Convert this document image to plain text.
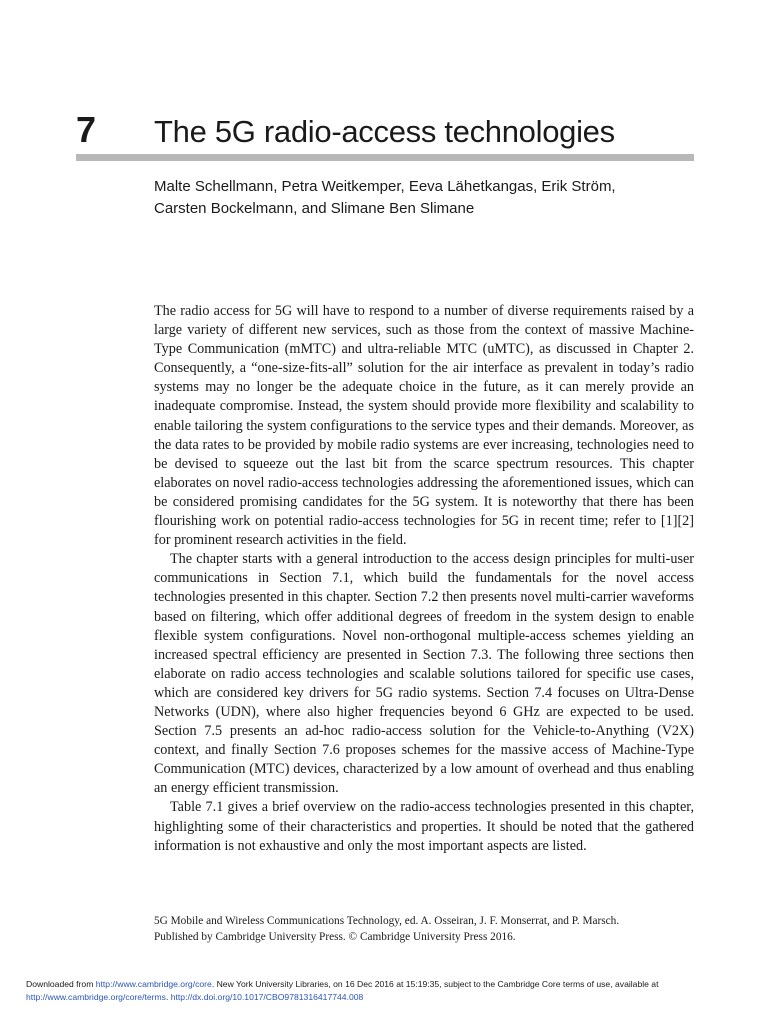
7 The 5G radio-access technologies
Malte Schellmann, Petra Weitkemper, Eeva Lähetkangas, Erik Ström,
Carsten Bockelmann, and Slimane Ben Slimane

The radio access for 5G will have to respond to a number of diverse requirements raised by a large variety of different new services, such as those from the context of massive Machine-Type Communication (mMTC) and ultra-reliable MTC (uMTC), as discussed in Chapter 2. Consequently, a “one-size-fits-all” solution for the air interface as prevalent in today’s radio systems may no longer be the adequate choice in the future, as it can merely provide an inadequate compromise. Instead, the system should provide more flexibility and scalability to enable tailoring the system configurations to the service types and their demands. Moreover, as the data rates to be provided by mobile radio systems are ever increasing, technologies need to be devised to squeeze out the last bit from the scarce spectrum resources. This chapter elaborates on novel radio-access technologies addressing the aforementioned issues, which can be considered promising candidates for the 5G system. It is noteworthy that there has been flourishing work on potential radio-access technologies for 5G in recent time; refer to [1][2] for prominent research activities in the field.

The chapter starts with a general introduction to the access design principles for multi-user communications in Section 7.1, which build the fundamentals for the novel access technologies presented in this chapter. Section 7.2 then presents novel multi-carrier waveforms based on filtering, which offer additional degrees of freedom in the system design to enable flexible system configurations. Novel non-orthogonal multiple-access schemes yielding an increased spectral efficiency are presented in Section 7.3. The following three sections then elaborate on radio access technologies and scalable solutions tailored for specific use cases, which are considered key drivers for 5G radio systems. Section 7.4 focuses on Ultra-Dense Networks (UDN), where also higher frequencies beyond 6 GHz are expected to be used. Section 7.5 presents an ad-hoc radio-access solution for the Vehicle-to-Anything (V2X) context, and finally Section 7.6 proposes schemes for the massive access of Machine-Type Communication (MTC) devices, characterized by a low amount of overhead and thus enabling an energy efficient transmission.

Table 7.1 gives a brief overview on the radio-access technologies presented in this chapter, highlighting some of their characteristics and properties. It should be noted that the gathered information is not exhaustive and only the most important aspects are listed.

5G Mobile and Wireless Communications Technology, ed. A. Osseiran, J. F. Monserrat, and P. Marsch.
Published by Cambridge University Press. © Cambridge University Press 2016.
Downloaded from http://www.cambridge.org/core. New York University Libraries, on 16 Dec 2016 at 15:19:35, subject to the Cambridge Core terms of use, available at
http://www.cambridge.org/core/terms. http://dx.doi.org/10.1017/CBO9781316417744.008
